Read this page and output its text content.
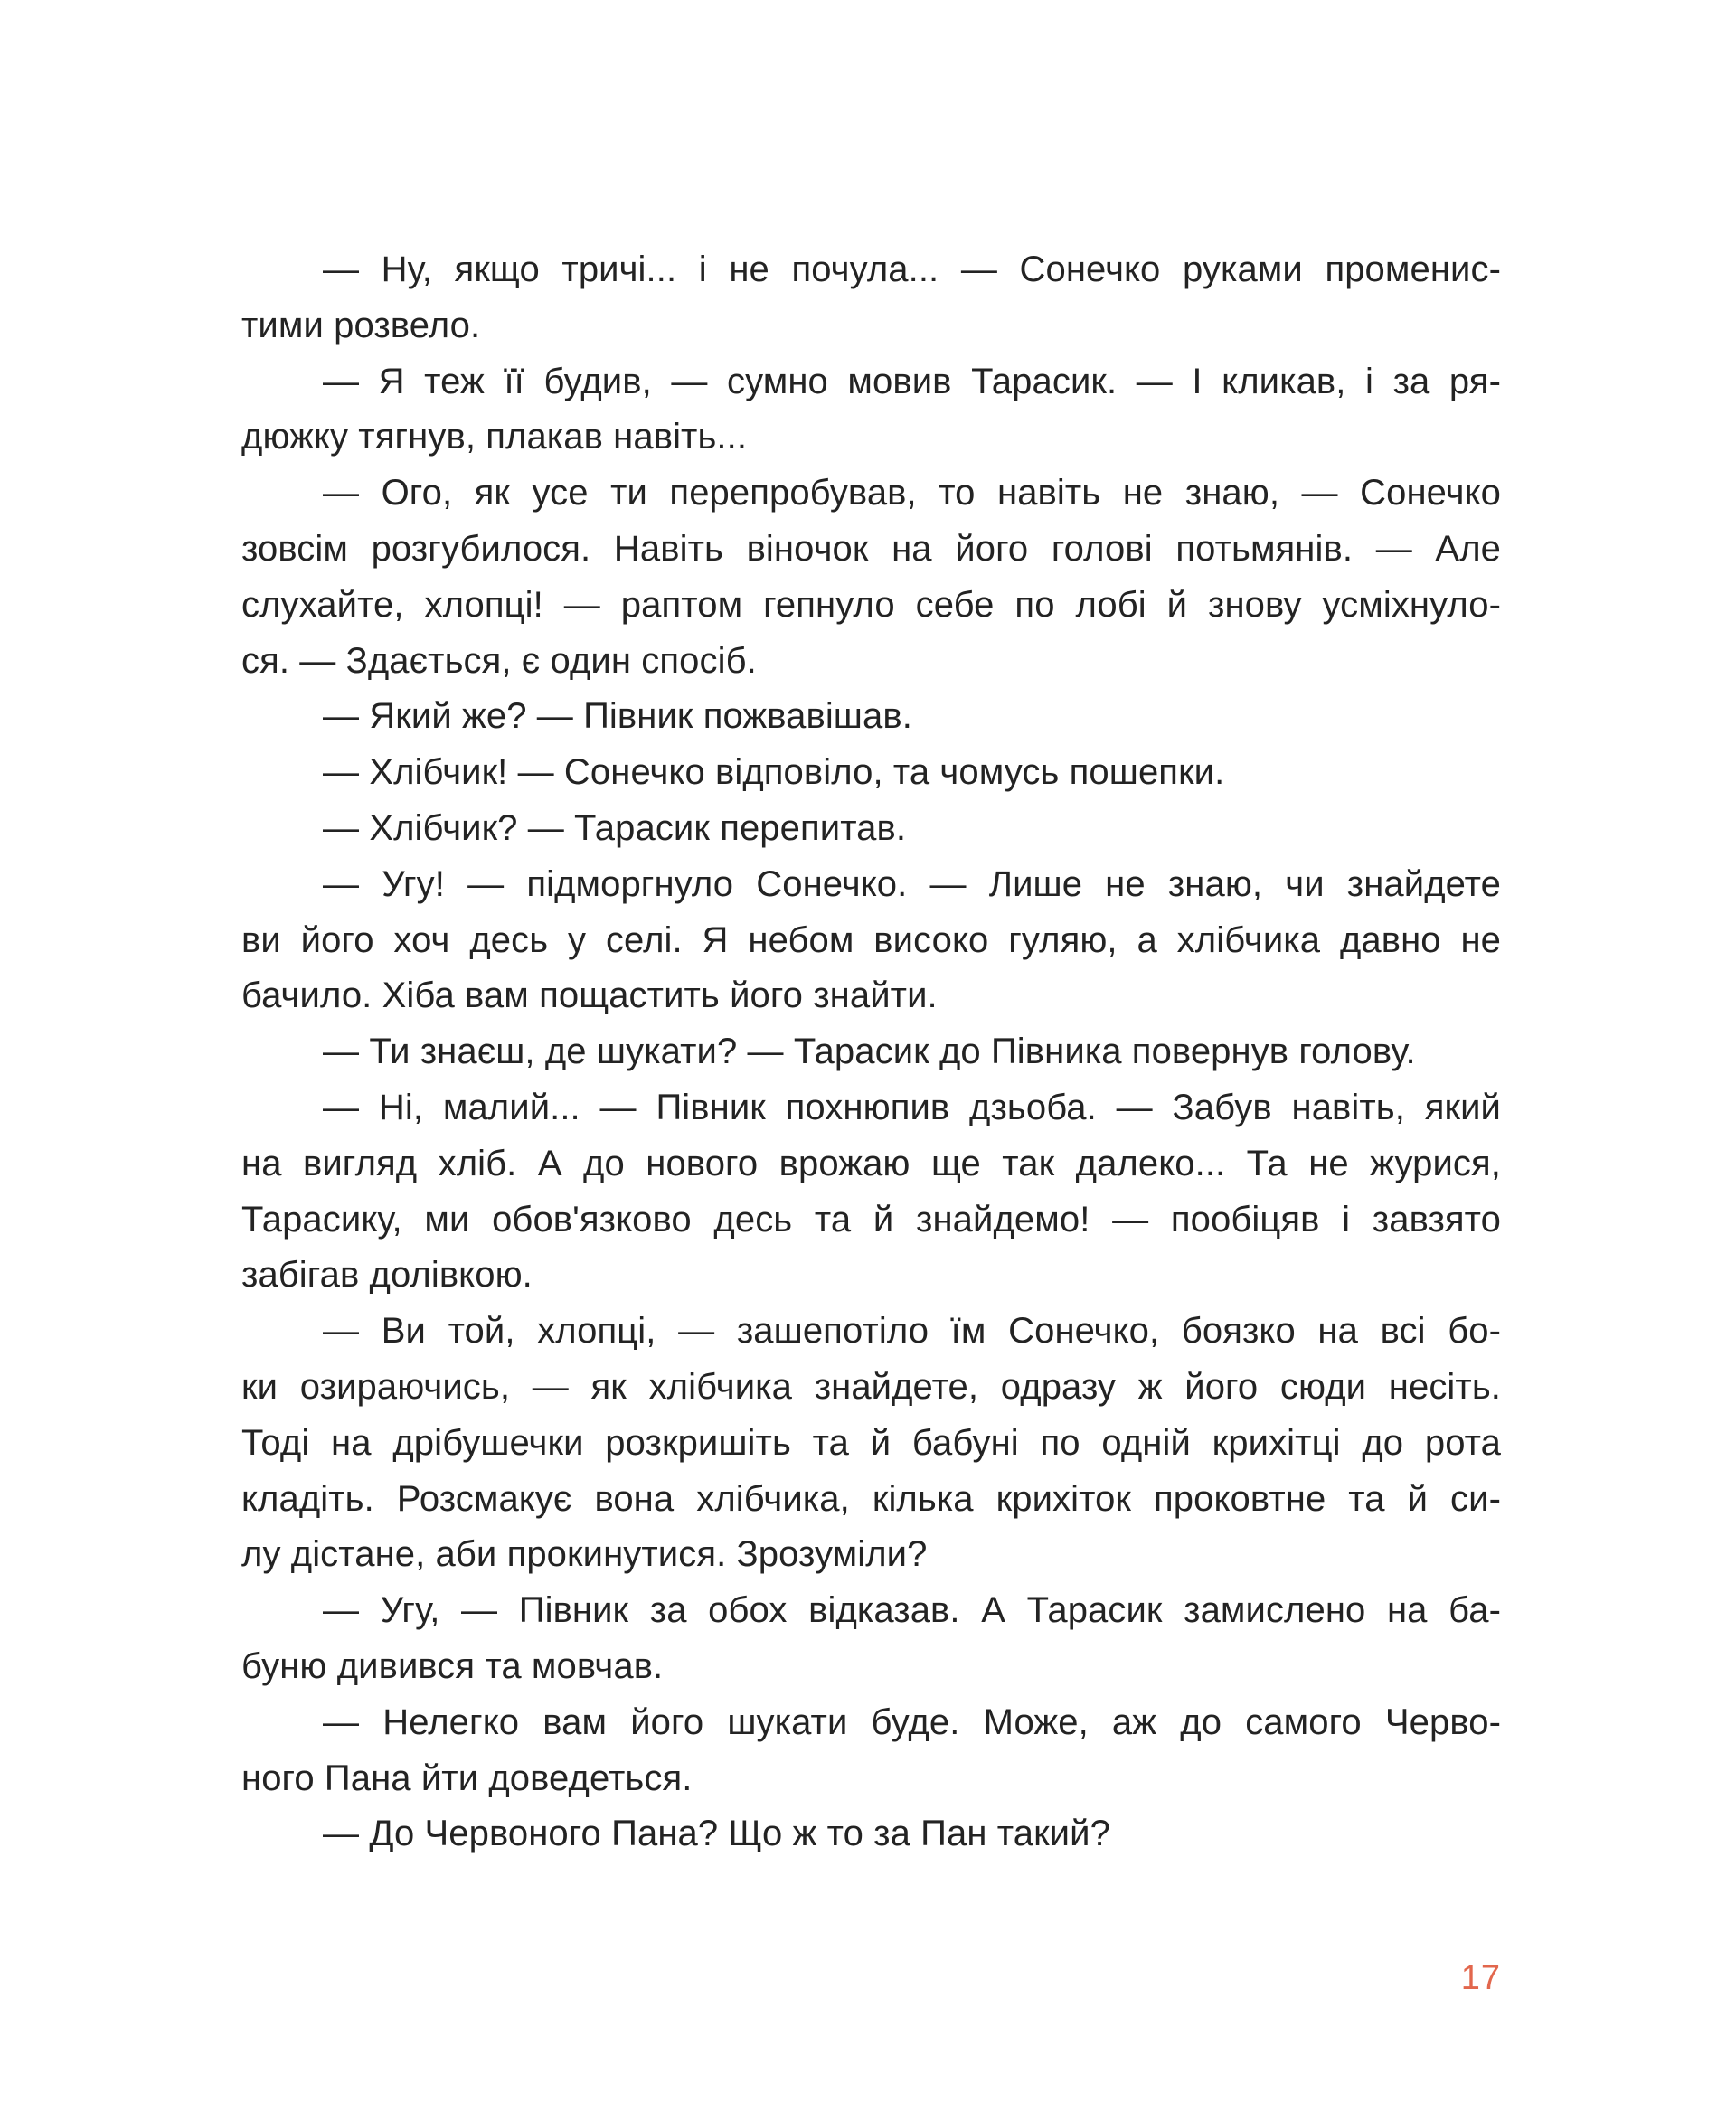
— Ну, якщо тричі... і не почула... — Сонечко руками променис-
тими розвело.

— Я теж її будив, — сумно мовив Тарасик. — І кликав, і за ря-
дюжку тягнув, плакав навіть...

— Ого, як усе ти перепробував, то навіть не знаю, — Сонечко
зовсім розгубилося. Навіть віночок на його голові потьмянів. — Але
слухайте, хлопці! — раптом гепнуло себе по лобі й знову усміхнуло-
ся. — Здається, є один спосіб.

— Який же? — Півник пожвавішав.

— Хлібчик! — Сонечко відповіло, та чомусь пошепки.

— Хлібчик? — Тарасик перепитав.

— Угу! — підморгнуло Сонечко. — Лише не знаю, чи знайдете
ви його хоч десь у селі. Я небом високо гуляю, а хлібчика давно не
бачило. Хіба вам пощастить його знайти.

— Ти знаєш, де шукати? — Тарасик до Півника повернув голову.

— Ні, малий... — Півник похнюпив дзьоба. — Забув навіть, який
на вигляд хліб. А до нового врожаю ще так далеко... Та не журися,
Тарасику, ми обов'язково десь та й знайдемо! — пообіцяв і завзято
забігав долівкою.

— Ви той, хлопці, — зашепотіло їм Сонечко, боязко на всі бо-
ки озираючись, — як хлібчика знайдете, одразу ж його сюди несіть.
Тоді на дрібушечки розкришіть та й бабуні по одній крихітці до рота
кладіть. Розсмакує вона хлібчика, кілька крихіток проковтне та й си-
лу дістане, аби прокинутися. Зрозуміли?

— Угу, — Півник за обох відказав. А Тарасик замислено на ба-
буню дивився та мовчав.

— Нелегко вам його шукати буде. Може, аж до самого Черво-
ного Пана йти доведеться.

— До Червоного Пана? Що ж то за Пан такий?

17
